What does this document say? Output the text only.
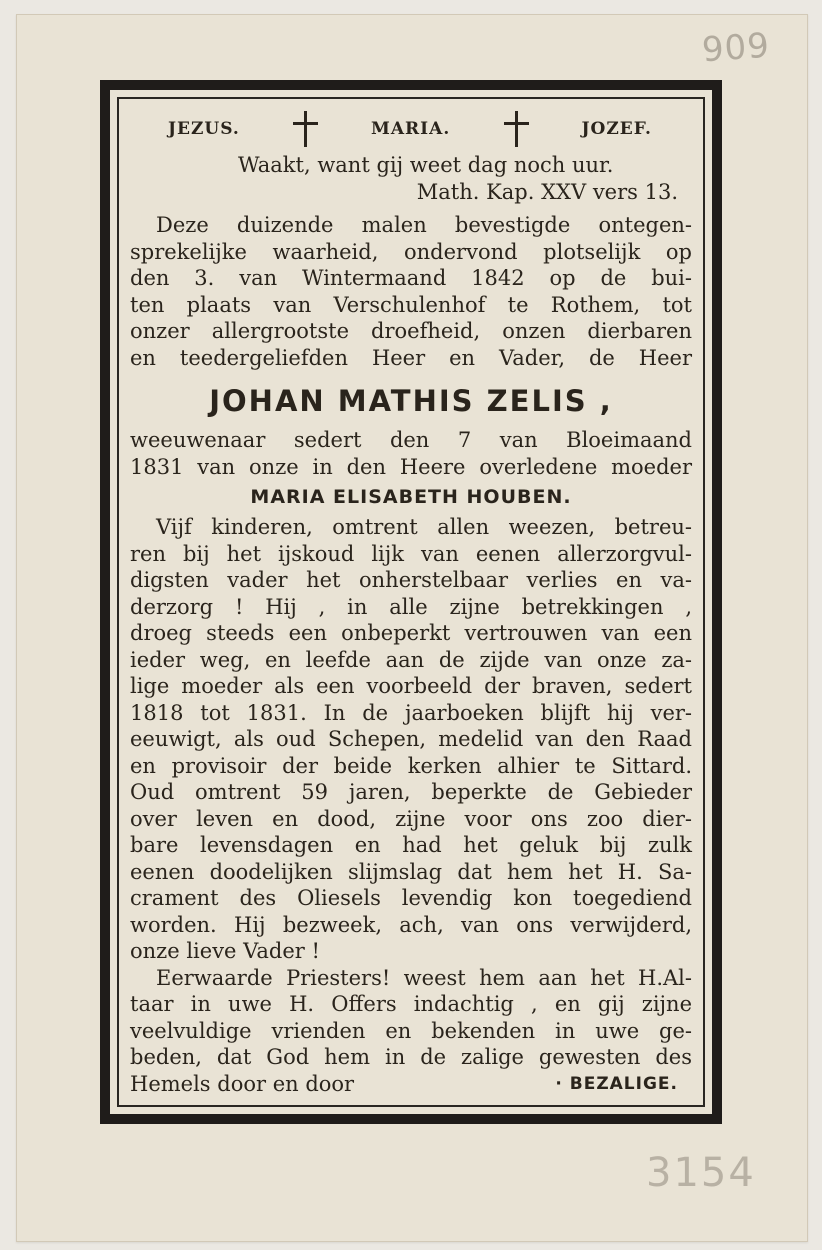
909
3154
JEZUS.	MARIA.	JOZEF.
Waakt, want gij weet dag noch uur.
Math. Kap. XXV vers 13.
Deze duizende malen bevestigde ontegen-
sprekelijke waarheid, ondervond plotselijk op
den 3. van Wintermaand 1842 op de bui-
ten plaats van Verschulenhof te Rothem, tot
onzer allergrootste droefheid, onzen dierbaren
en teedergeliefden Heer en Vader, de Heer
JOHAN MATHIS ZELIS ,
weeuwenaar sedert den 7 van Bloeimaand
1831 van onze in den Heere overledene moeder
MARIA ELISABETH HOUBEN.
Vijf kinderen, omtrent allen weezen, betreu-
ren bij het ijskoud lijk van eenen allerzorgvul-
digsten vader het onherstelbaar verlies en va-
derzorg ! Hij , in alle zijne betrekkingen ,
droeg steeds een onbeperkt vertrouwen van een
ieder weg, en leefde aan de zijde van onze za-
lige moeder als een voorbeeld der braven, sedert
1818 tot 1831. In de jaarboeken blijft hij ver-
eeuwigt, als oud Schepen, medelid van den Raad
en provisoir der beide kerken alhier te Sittard.
Oud omtrent 59 jaren, beperkte de Gebieder
over leven en dood, zijne voor ons zoo dier-
bare levensdagen en had het geluk bij zulk
eenen doodelijken slijmslag dat hem het H. Sa-
crament des Oliesels levendig kon toegediend
worden. Hij bezweek, ach, van ons verwijderd,
onze lieve Vader !
Eerwaarde Priesters! weest hem aan het H.Al-
taar in uwe H. Offers indachtig , en gij zijne
veelvuldige vrienden en bekenden in uwe ge-
beden, dat God hem in de zalige gewesten des
Hemels door en door	· BEZALIGE.
